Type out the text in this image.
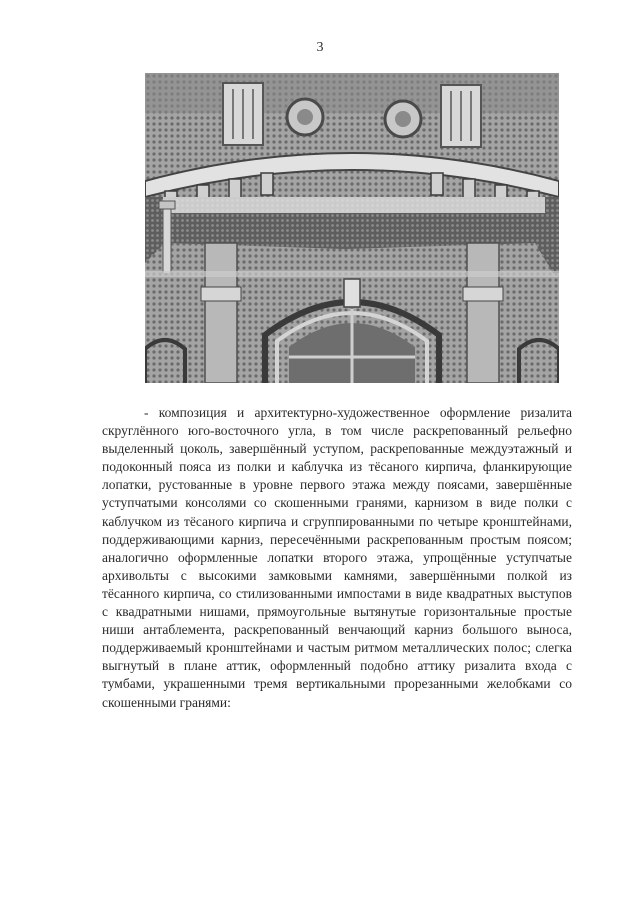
3

- композиция и архитектурно-художественное оформление ризалита скруглённого юго-восточного угла, в том числе раскрепованный рельефно выделенный цоколь, завершённый уступом, раскрепованные междуэтажный и подоконный пояса из полки и каблучка из тёсаного кирпича, фланкирующие лопатки, рустованные в уровне первого этажа между поясами, завершённые уступчатыми консолями со скошенными гранями, карнизом в виде полки с каблучком из тёсаного кирпича и сгруппированными по четыре кронштейнами, поддерживающими карниз, пересечёнными раскрепованным простым поясом; аналогично оформленные лопатки второго этажа, упрощённые уступчатые архивольты с высокими замковыми камнями, завершёнными полкой из тёсанного кирпича, со стилизованными импостами в виде квадратных выступов с квадратными нишами, прямоугольные вытянутые горизонтальные простые ниши антаблемента, раскрепованный венчающий карниз большого выноса, поддерживаемый кронштейнами и частым ритмом металлических полос; слегка выгнутый в плане аттик, оформленный подобно аттику ризалита входа с тумбами, украшенными тремя вертикальными прорезанными желобками со скошенными гранями:
